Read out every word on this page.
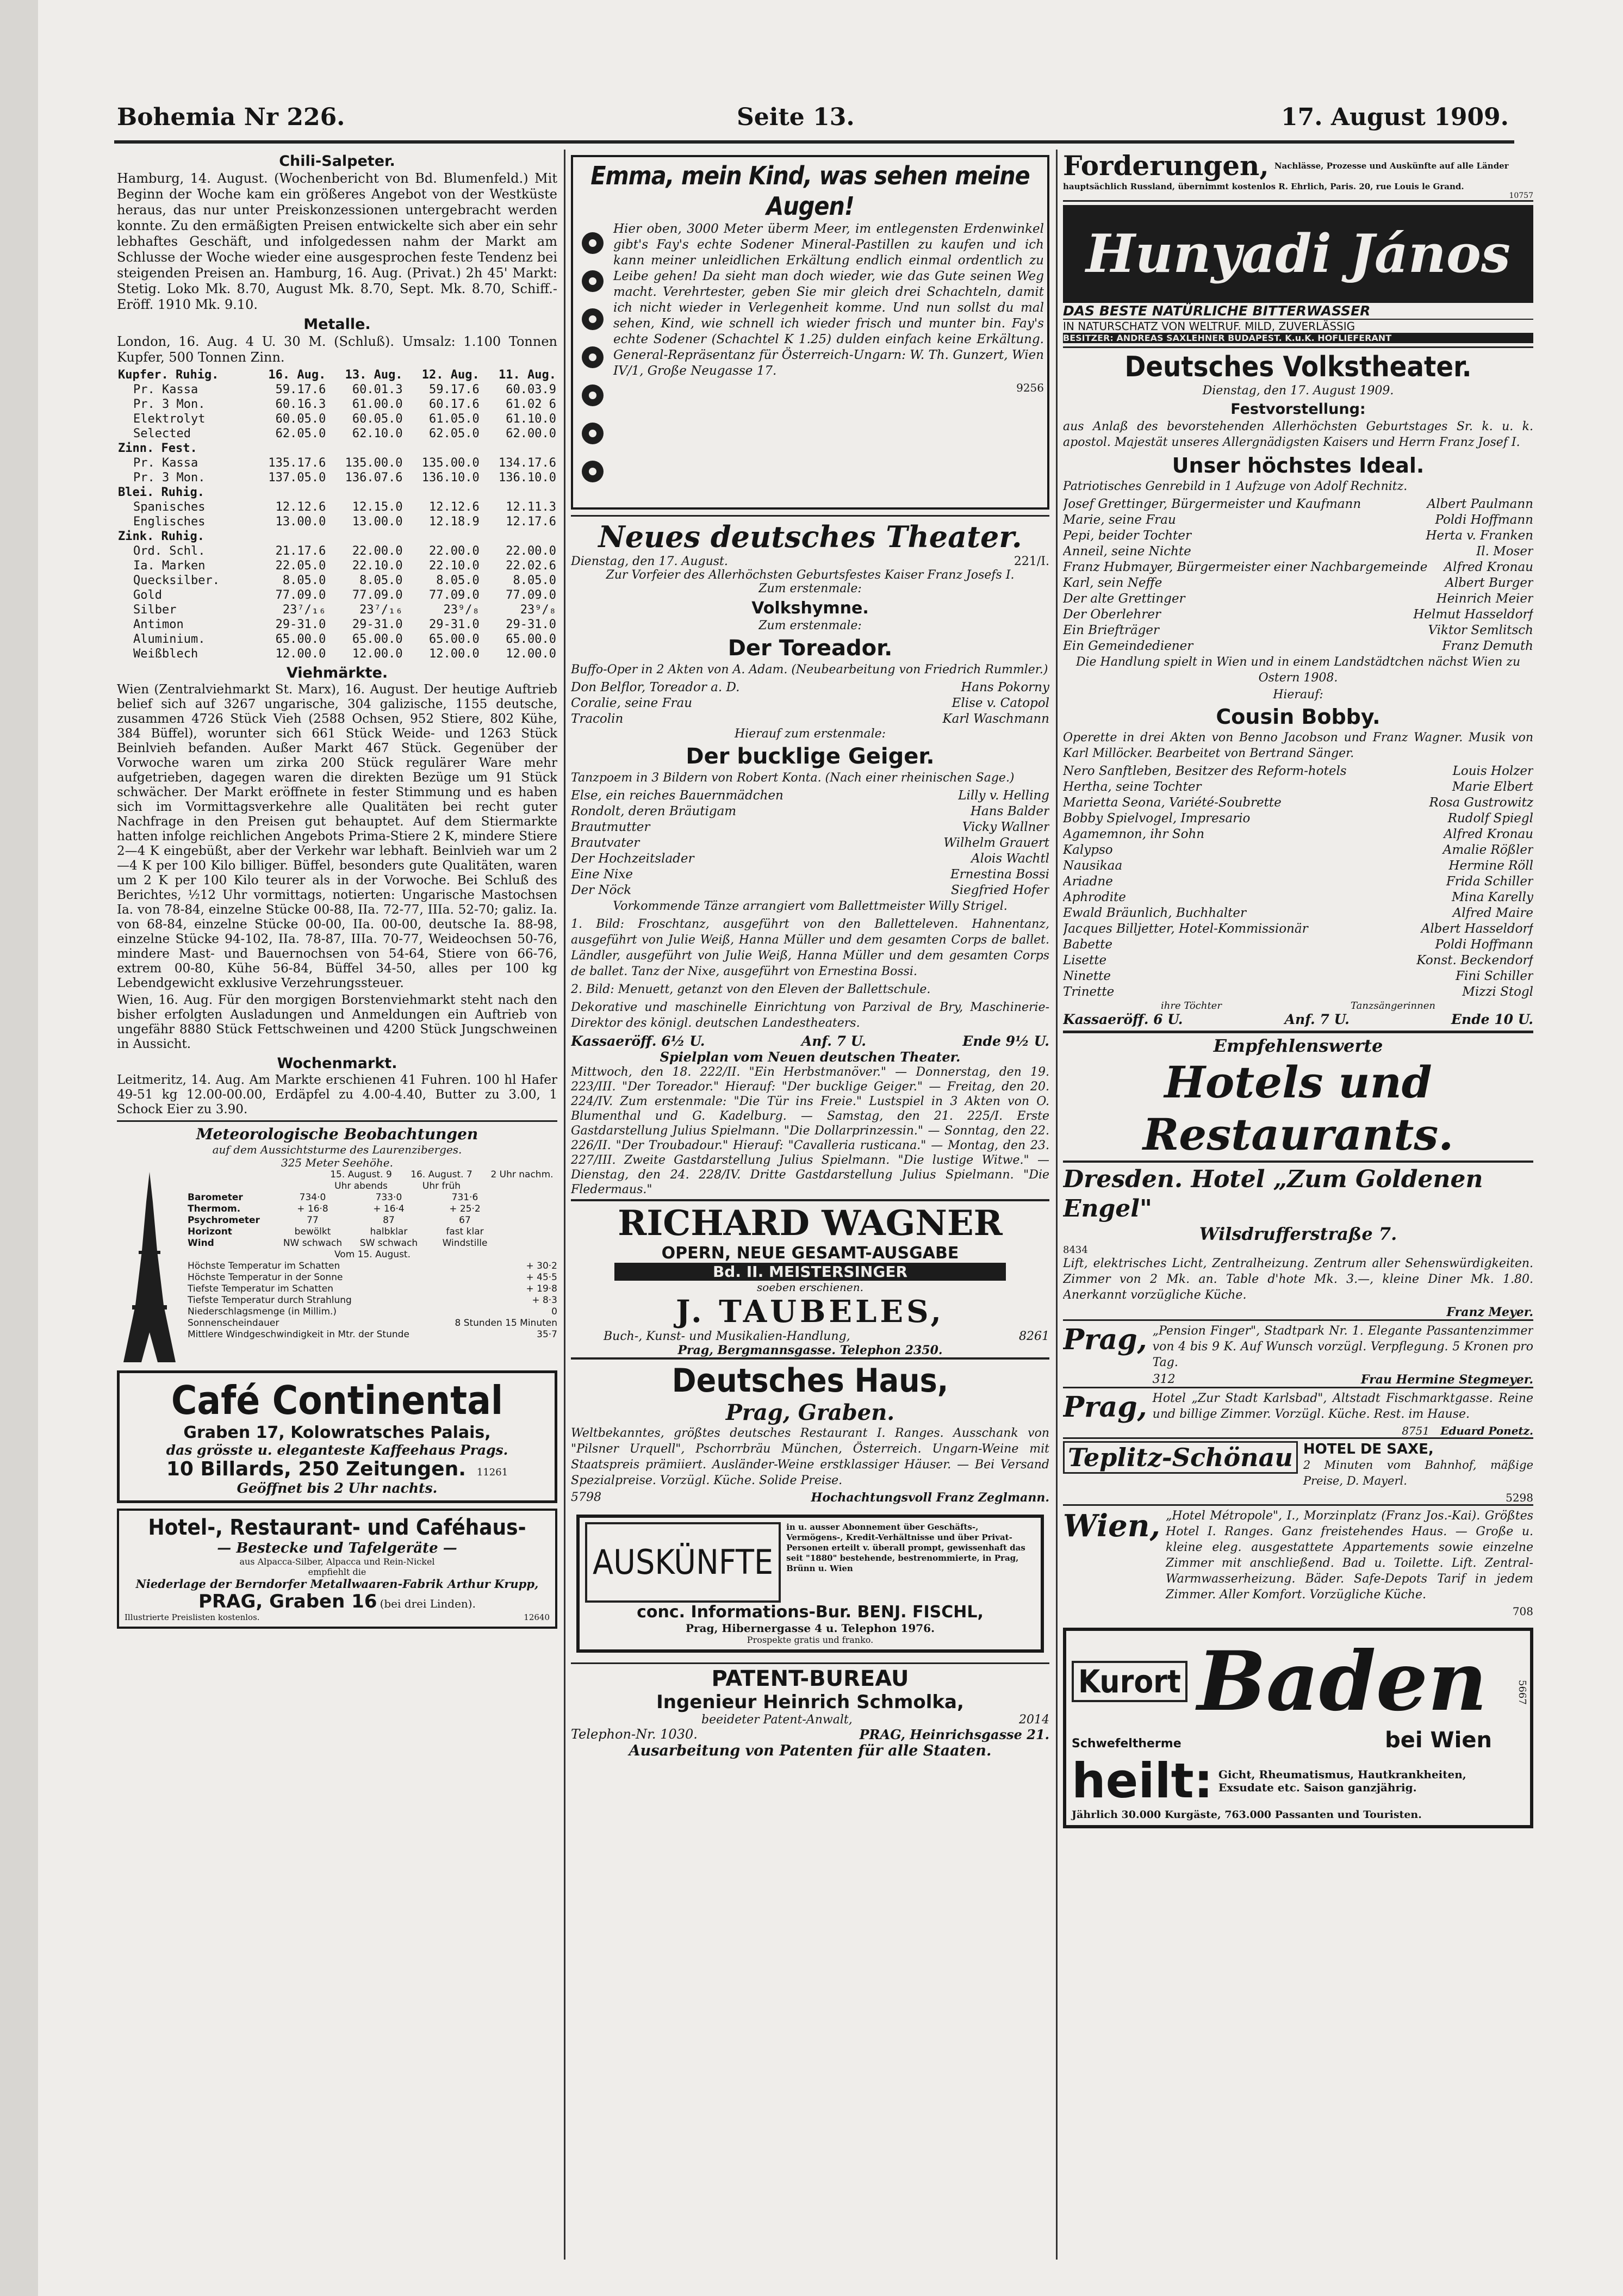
Bohemia Nr 226.	Seite 13.	17. August 1909.
Chili-Salpeter.

Hamburg, 14. August. (Wochenbericht von Bd. Blumenfeld.) Mit Beginn der Woche kam ein größeres Angebot von der Westküste heraus, das nur unter Preiskonzessionen untergebracht werden konnte. Zu den ermäßigten Preisen entwickelte sich aber ein sehr lebhaftes Geschäft, und infolgedessen nahm der Markt am Schlusse der Woche wieder eine ausgesprochen feste Tendenz bei steigenden Preisen an. Hamburg, 16. Aug. (Privat.) 2h 45' Markt: Stetig. Loko Mk. 8.70, August Mk. 8.70, Sept. Mk. 8.70, Schiff.-Eröff. 1910 Mk. 9.10.

Metalle.

London, 16. Aug. 4 U. 30 M. (Schluß). Umsalz: 1.100 Tonnen Kupfer, 500 Tonnen Zinn.

Kupfer. Ruhig.	16. Aug.	13. Aug.	12. Aug.	11. Aug.
Pr. Kassa	59.17.6	60.01.3	59.17.6	60.03.9
Pr. 3 Mon.	60.16.3	61.00.0	60.17.6	61.02 6
Elektrolyt	60.05.0	60.05.0	61.05.0	61.10.0
Selected	62.05.0	62.10.0	62.05.0	62.00.0
Zinn. Fest.				
Pr. Kassa	135.17.6	135.00.0	135.00.0	134.17.6
Pr. 3 Mon.	137.05.0	136.07.6	136.10.0	136.10.0
Blei. Ruhig.				
Spanisches	12.12.6	12.15.0	12.12.6	12.11.3
Englisches	13.00.0	13.00.0	12.18.9	12.17.6
Zink. Ruhig.				
Ord. Schl.	21.17.6	22.00.0	22.00.0	22.00.0
Ia. Marken	22.05.0	22.10.0	22.10.0	22.02.6
Quecksilber.	8.05.0	8.05.0	8.05.0	8.05.0
Gold	77.09.0	77.09.0	77.09.0	77.09.0
Silber	23⁷/₁₆	23⁷/₁₆	23⁹/₈	23⁹/₈
Antimon	29-31.0	29-31.0	29-31.0	29-31.0
Aluminium.	65.00.0	65.00.0	65.00.0	65.00.0
Weißblech	12.00.0	12.00.0	12.00.0	12.00.0
Viehmärkte.

Wien (Zentralviehmarkt St. Marx), 16. August. Der heutige Auftrieb belief sich auf 3267 ungarische, 304 galizische, 1155 deutsche, zusammen 4726 Stück Vieh (2588 Ochsen, 952 Stiere, 802 Kühe, 384 Büffel), worunter sich 661 Stück Weide- und 1263 Stück Beinlvieh befanden. Außer Markt 467 Stück. Gegenüber der Vorwoche waren um zirka 200 Stück regulärer Ware mehr aufgetrieben, dagegen waren die direkten Bezüge um 91 Stück schwächer. Der Markt eröffnete in fester Stimmung und es haben sich im Vormittagsverkehre alle Qualitäten bei recht guter Nachfrage in den Preisen gut behauptet. Auf dem Stiermarkte hatten infolge reichlichen Angebots Prima-Stiere 2 K, mindere Stiere 2—4 K eingebüßt, aber der Verkehr war lebhaft. Beinlvieh war um 2—4 K per 100 Kilo billiger. Büffel, besonders gute Qualitäten, waren um 2 K per 100 Kilo teurer als in der Vorwoche. Bei Schluß des Berichtes, ½12 Uhr vormittags, notierten: Ungarische Mastochsen Ia. von 78-84, einzelne Stücke 00-88, IIa. 72-77, IIIa. 52-70; galiz. Ia. von 68-84, einzelne Stücke 00-00, IIa. 00-00, deutsche Ia. 88-98, einzelne Stücke 94-102, IIa. 78-87, IIIa. 70-77, Weideochsen 50-76, mindere Mast- und Bauernochsen von 54-64, Stiere von 66-76, extrem 00-80, Kühe 56-84, Büffel 34-50, alles per 100 kg Lebendgewicht exklusive Verzehrungssteuer.

Wien, 16. Aug. Für den morgigen Borstenviehmarkt steht nach den bisher erfolgten Ausladungen und Anmeldungen ein Auftrieb von ungefähr 8880 Stück Fettschweinen und 4200 Stück Jungschweinen in Aussicht.

Wochenmarkt.

Leitmeritz, 14. Aug. Am Markte erschienen 41 Fuhren. 100 hl Hafer 49-51 kg 12.00-00.00, Erdäpfel zu 4.00-4.40, Butter zu 3.00, 1 Schock Eier zu 3.90.

Meteorologische Beobachtungen
auf dem Aussichtsturme des Laurenziberges.
325 Meter Seehöhe.
15. August. 9 Uhr abends
16. August. 7 Uhr früh
2 Uhr nachm.
Barometer	734·0	733·0	731·6
Thermom.	+ 16·8	+ 16·4	+ 25·2
Psychrometer	77	87	67
Horizont	bewölkt	halbklar	fast klar
Wind	NW schwach	SW schwach	Windstille
Vom 15. August.
Höchste Temperatur im Schatten	+ 30·2
Höchste Temperatur in der Sonne	+ 45·5
Tiefste Temperatur im Schatten	+ 19·8
Tiefste Temperatur durch Strahlung	+ 8·3
Niederschlagsmenge (in Millim.)	0
Sonnenscheindauer	8 Stunden 15 Minuten
Mittlere Windgeschwindigkeit in Mtr. der Stunde	35·7
Café Continental
Graben 17, Kolowratsches Palais,
das grösste u. eleganteste Kaffeehaus Prags.
10 Billards, 250 Zeitungen. 11261
Geöffnet bis 2 Uhr nachts.
Hotel-, Restaurant- und Caféhaus-
— Bestecke und Tafelgeräte —
aus Alpacca-Silber, Alpacca und Rein-Nickel
empfiehlt die
Niederlage der Berndorfer Metallwaaren-Fabrik Arthur Krupp,
PRAG, Graben 16 (bei drei Linden).
Illustrierte Preislisten kostenlos.	12640
Emma, mein Kind, was sehen meine Augen!

Hier oben, 3000 Meter überm Meer, im entlegensten Erdenwinkel gibt's Fay's echte Sodener Mineral-Pastillen zu kaufen und ich kann meiner unleidlichen Erkältung endlich einmal ordentlich zu Leibe gehen! Da sieht man doch wieder, wie das Gute seinen Weg macht. Verehrtester, geben Sie mir gleich drei Schachteln, damit ich nicht wieder in Verlegenheit komme. Und nun sollst du mal sehen, Kind, wie schnell ich wieder frisch und munter bin. Fay's echte Sodener (Schachtel K 1.25) dulden einfach keine Erkältung. General-Repräsentanz für Österreich-Ungarn: W. Th. Gunzert, Wien IV/1, Große Neugasse 17.

9256
Neues deutsches Theater.
Dienstag, den 17. August.	221/I.
Zur Vorfeier des Allerhöchsten Geburtsfestes Kaiser Franz Josefs I.
Zum erstenmale:
Volkshymne.
Zum erstenmale:
Der Toreador.

Buffo-Oper in 2 Akten von A. Adam. (Neubearbeitung von Friedrich Rummler.)

Don Belflor, Toreador a. D.	Hans Pokorny
Coralie, seine Frau	Elise v. Catopol
Tracolin	Karl Waschmann
Hierauf zum erstenmale:
Der bucklige Geiger.

Tanzpoem in 3 Bildern von Robert Konta. (Nach einer rheinischen Sage.)

Else, ein reiches Bauernmädchen	Lilly v. Helling
Rondolt, deren Bräutigam	Hans Balder
Brautmutter	Vicky Wallner
Brautvater	Wilhelm Grauert
Der Hochzeitslader	Alois Wachtl
Eine Nixe	Ernestina Bossi
Der Nöck	Siegfried Hofer

Vorkommende Tänze arrangiert vom Ballettmeister Willy Strigel.

1. Bild: Froschtanz, ausgeführt von den Balletteleven. Hahnentanz, ausgeführt von Julie Weiß, Hanna Müller und dem gesamten Corps de ballet. Ländler, ausgeführt von Julie Weiß, Hanna Müller und dem gesamten Corps de ballet. Tanz der Nixe, ausgeführt von Ernestina Bossi.

2. Bild: Menuett, getanzt von den Eleven der Ballettschule.

Dekorative und maschinelle Einrichtung von Parzival de Bry, Maschinerie-Direktor des königl. deutschen Landestheaters.

Kassaeröff. 6½ U.	Anf. 7 U.	Ende 9½ U.
Spielplan vom Neuen deutschen Theater.

Mittwoch, den 18. 222/II. "Ein Herbstmanöver." — Donnerstag, den 19. 223/III. "Der Toreador." Hierauf: "Der bucklige Geiger." — Freitag, den 20. 224/IV. Zum erstenmale: "Die Tür ins Freie." Lustspiel in 3 Akten von O. Blumenthal und G. Kadelburg. — Samstag, den 21. 225/I. Erste Gastdarstellung Julius Spielmann. "Die Dollarprinzessin." — Sonntag, den 22. 226/II. "Der Troubadour." Hierauf: "Cavalleria rusticana." — Montag, den 23. 227/III. Zweite Gastdarstellung Julius Spielmann. "Die lustige Witwe." — Dienstag, den 24. 228/IV. Dritte Gastdarstellung Julius Spielmann. "Die Fledermaus."

RICHARD WAGNER
OPERN, NEUE GESAMT-AUSGABE
Bd. II. MEISTERSINGER
soeben erschienen.
J. TAUBELES,
Buch-, Kunst- und Musikalien-Handlung,	8261
Prag, Bergmannsgasse. Telephon 2350.
Deutsches Haus,
Prag, Graben.

Weltbekanntes, größtes deutsches Restaurant I. Ranges. Ausschank von "Pilsner Urquell", Pschorrbräu München, Österreich. Ungarn-Weine mit Staatspreis prämiiert. Ausländer-Weine erstklassiger Häuser. — Bei Versand Spezialpreise. Vorzügl. Küche. Solide Preise.

5798	Hochachtungsvoll Franz Zeglmann.
AUSKÜNFTE
in u. ausser Abonnement über Geschäfts-, Vermögens-, Kredit-Verhältnisse und über Privat-Personen erteilt v. überall prompt, gewissenhaft das seit "1880" bestehende, bestrenommierte, in Prag, Brünn u. Wien
conc. Informations-Bur. BENJ. FISCHL,
Prag, Hibernergasse 4 u. Telephon 1976.
Prospekte gratis und franko.
PATENT-BUREAU
Ingenieur Heinrich Schmolka,
beeideter Patent-Anwalt,	2014
Telephon-Nr. 1030.	PRAG, Heinrichsgasse 21.
Ausarbeitung von Patenten für alle Staaten.
Forderungen, Nachlässe, Prozesse und Auskünfte auf alle Länder
hauptsächlich Russland, übernimmt kostenlos R. Ehrlich, Paris. 20, rue Louis le Grand.
10757
Hunyadi János
DAS BESTE NATÜRLICHE BITTERWASSER
IN NATURSCHATZ VON WELTRUF. MILD, ZUVERLÄSSIG
BESITZER: ANDREAS SAXLEHNER BUDAPEST. K.u.K. HOFLIEFERANT
Deutsches Volkstheater.
Dienstag, den 17. August 1909.
Festvorstellung:

aus Anlaß des bevorstehenden Allerhöchsten Geburtstages Sr. k. u. k. apostol. Majestät unseres Allergnädigsten Kaisers und Herrn Franz Josef I.

Unser höchstes Ideal.

Patriotisches Genrebild in 1 Aufzuge von Adolf Rechnitz.

Josef Grettinger, Bürgermeister und Kaufmann	Albert Paulmann
Marie, seine Frau	Poldi Hoffmann
Pepi, beider Tochter	Herta v. Franken
Anneil, seine Nichte	Il. Moser
Franz Hubmayer, Bürgermeister einer Nachbargemeinde Alfred Kronau
Karl, sein Neffe	Albert Burger
Der alte Grettinger	Heinrich Meier
Der Oberlehrer	Helmut Hasseldorf
Ein Briefträger	Viktor Semlitsch
Ein Gemeindediener	Franz Demuth

Die Handlung spielt in Wien und in einem Landstädtchen nächst Wien zu Ostern 1908.

Hierauf:
Cousin Bobby.

Operette in drei Akten von Benno Jacobson und Franz Wagner. Musik von Karl Millöcker. Bearbeitet von Bertrand Sänger.

Nero Sanftleben, Besitzer des Reform-hotels	Louis Holzer
Hertha, seine Tochter	Marie Elbert
Marietta Seona, Variété-Soubrette	Rosa Gustrowitz
Bobby Spielvogel, Impresario	Rudolf Spiegl
Agamemnon, ihr Sohn	Alfred Kronau
Kalypso	Amalie Rößler
Nausikaa	Hermine Röll
Ariadne	Frida Schiller
Aphrodite	Mina Karelly
Ewald Bräunlich, Buchhalter	Alfred Maire
Jacques Billjetter, Hotel-Kommissionär	Albert Hasseldorf
Babette	Poldi Hoffmann
Lisette	Konst. Beckendorf
Ninette	Fini Schiller
Trinette	Mizzi Stogl
ihre Töchter	Tanzsängerinnen
Kassaeröff. 6 U.	Anf. 7 U.	Ende 10 U.
Empfehlenswerte
Hotels und Restaurants.
Dresden. Hotel „Zum Goldenen Engel"
Wilsdrufferstraße 7.
8434

Lift, elektrisches Licht, Zentralheizung. Zentrum aller Sehenswürdigkeiten. Zimmer von 2 Mk. an. Table d'hote Mk. 3.—, kleine Diner Mk. 1.80. Anerkannt vorzügliche Küche.

Franz Meyer.
Prag, „Pension Finger", Stadtpark Nr. 1. Elegante Passantenzimmer von 4 bis 9 K. Auf Wunsch vorzügl. Verpflegung. 5 Kronen pro Tag.

312	Frau Hermine Stegmeyer.
Prag, Hotel „Zur Stadt Karlsbad", Altstadt Fischmarktgasse. Reine und billige Zimmer. Vorzügl. Küche. Rest. im Hause.

8751 Eduard Ponetz.
Teplitz-Schönau HOTEL DE SAXE,

2 Minuten vom Bahnhof, mäßige Preise, D. Mayerl.

5298
Wien, „Hotel Métropole", I., Morzinplatz (Franz Jos.-Kai). Größtes Hotel I. Ranges. Ganz freistehendes Haus. — Große u. kleine eleg. ausgestattete Appartements sowie einzelne Zimmer mit anschließend. Bad u. Toilette. Lift. Zentral-Warmwasserheizung. Bäder. Safe-Depots Tarif in jedem Zimmer. Aller Komfort. Vorzügliche Küche.

708
Kurort Baden
Schwefeltherme	bei Wien
heilt: Gicht, Rheumatismus, Hautkrankheiten, Exsudate etc. Saison ganzjährig.
Jährlich 30.000 Kurgäste, 763.000 Passanten und Touristen.
5667
